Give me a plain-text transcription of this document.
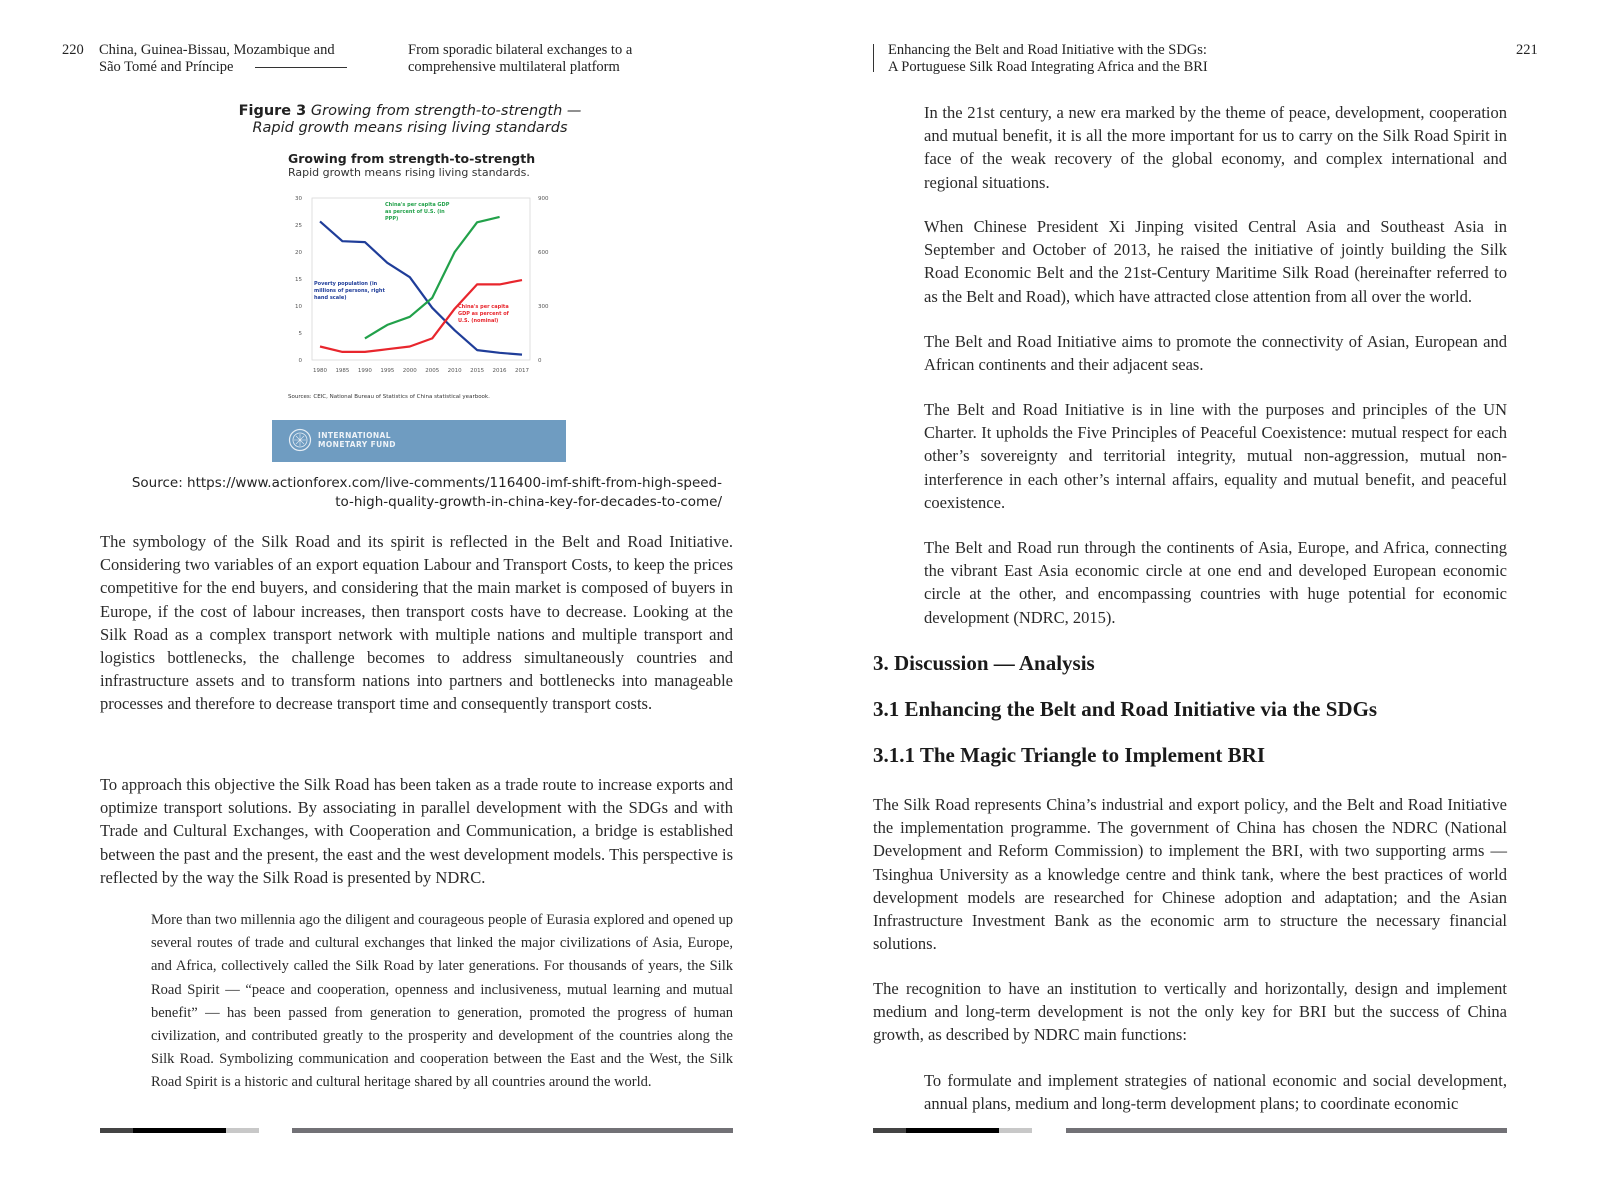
220 China, Guinea-Bissau, Mozambique and
São Tomé and Príncipe
From sporadic bilateral exchanges to a
comprehensive multilateral platform
Figure 3 Growing from strength-to-strength —
Rapid growth means rising living standards
Growing from strength-to-strength
Rapid growth means rising living standards.
0
5
10
15
20
25
30
0
300
600
900
1980 1985 1990 1995 2000 2005 2010 2015 2016 2017
China's per capita GDP
as percent of U.S. (in
PPP)
Poverty population (in
millions of persons, right
hand scale)
China's per capita
GDP as percent of
U.S. (nominal)
Sources: CEIC, National Bureau of Statistics of China statistical yearbook.
INTERNATIONAL
MONETARY FUND
Source: https://www.actionforex.com/live-comments/116400-imf-shift-from-high-speed-
to-high-quality-growth-in-china-key-for-decades-to-come/

The symbology of the Silk Road and its spirit is reflected in the Belt and Road Initiative. Considering two variables of an export equation Labour and Transport Costs, to keep the prices competitive for the end buyers, and considering that the main market is composed of buyers in Europe, if the cost of labour increases, then transport costs have to decrease. Looking at the Silk Road as a complex transport network with multiple nations and multiple transport and logistics bottlenecks, the challenge becomes to address simultaneously countries and infrastructure assets and to transform nations into partners and bottlenecks into manageable processes and therefore to decrease transport time and consequently transport costs.

To approach this objective the Silk Road has been taken as a trade route to increase exports and optimize transport solutions. By associating in parallel development with the SDGs and with Trade and Cultural Exchanges, with Cooperation and Communication, a bridge is established between the past and the present, the east and the west development models. This perspective is reflected by the way the Silk Road is presented by NDRC.

More than two millennia ago the diligent and courageous people of Eurasia explored and opened up several routes of trade and cultural exchanges that linked the major civilizations of Asia, Europe, and Africa, collectively called the Silk Road by later generations. For thousands of years, the Silk Road Spirit — “peace and cooperation, openness and inclusiveness, mutual learning and mutual benefit” — has been passed from generation to generation, promoted the progress of human civilization, and contributed greatly to the prosperity and development of the countries along the Silk Road. Symbolizing communication and cooperation between the East and the West, the Silk Road Spirit is a historic and cultural heritage shared by all countries around the world.

Enhancing the Belt and Road Initiative with the SDGs:
A Portuguese Silk Road Integrating Africa and the BRI
221

In the 21st century, a new era marked by the theme of peace, development, cooperation and mutual benefit, it is all the more important for us to carry on the Silk Road Spirit in face of the weak recovery of the global economy, and complex international and regional situations.

When Chinese President Xi Jinping visited Central Asia and Southeast Asia in September and October of 2013, he raised the initiative of jointly building the Silk Road Economic Belt and the 21st-Century Maritime Silk Road (hereinafter referred to as the Belt and Road), which have attracted close attention from all over the world.

The Belt and Road Initiative aims to promote the connectivity of Asian, European and African continents and their adjacent seas.

The Belt and Road Initiative is in line with the purposes and principles of the UN Charter. It upholds the Five Principles of Peaceful Coexistence: mutual respect for each other’s sovereignty and territorial integrity, mutual non-aggression, mutual non-interference in each other’s internal affairs, equality and mutual benefit, and peaceful coexistence.

The Belt and Road run through the continents of Asia, Europe, and Africa, connecting the vibrant East Asia economic circle at one end and developed European economic circle at the other, and encompassing countries with huge potential for economic development (NDRC, 2015).

3. Discussion — Analysis
3.1 Enhancing the Belt and Road Initiative via the SDGs
3.1.1 The Magic Triangle to Implement BRI

The Silk Road represents China’s industrial and export policy, and the Belt and Road Initiative the implementation programme. The government of China has chosen the NDRC (National Development and Reform Commission) to implement the BRI, with two supporting arms — Tsinghua University as a knowledge centre and think tank, where the best practices of world development models are researched for Chinese adoption and adaptation; and the Asian Infrastructure Investment Bank as the economic arm to structure the necessary financial solutions.

The recognition to have an institution to vertically and horizontally, design and implement medium and long-term development is not the only key for BRI but the success of China growth, as described by NDRC main functions:

To formulate and implement strategies of national economic and social development, annual plans, medium and long-term development plans; to coordinate economic
